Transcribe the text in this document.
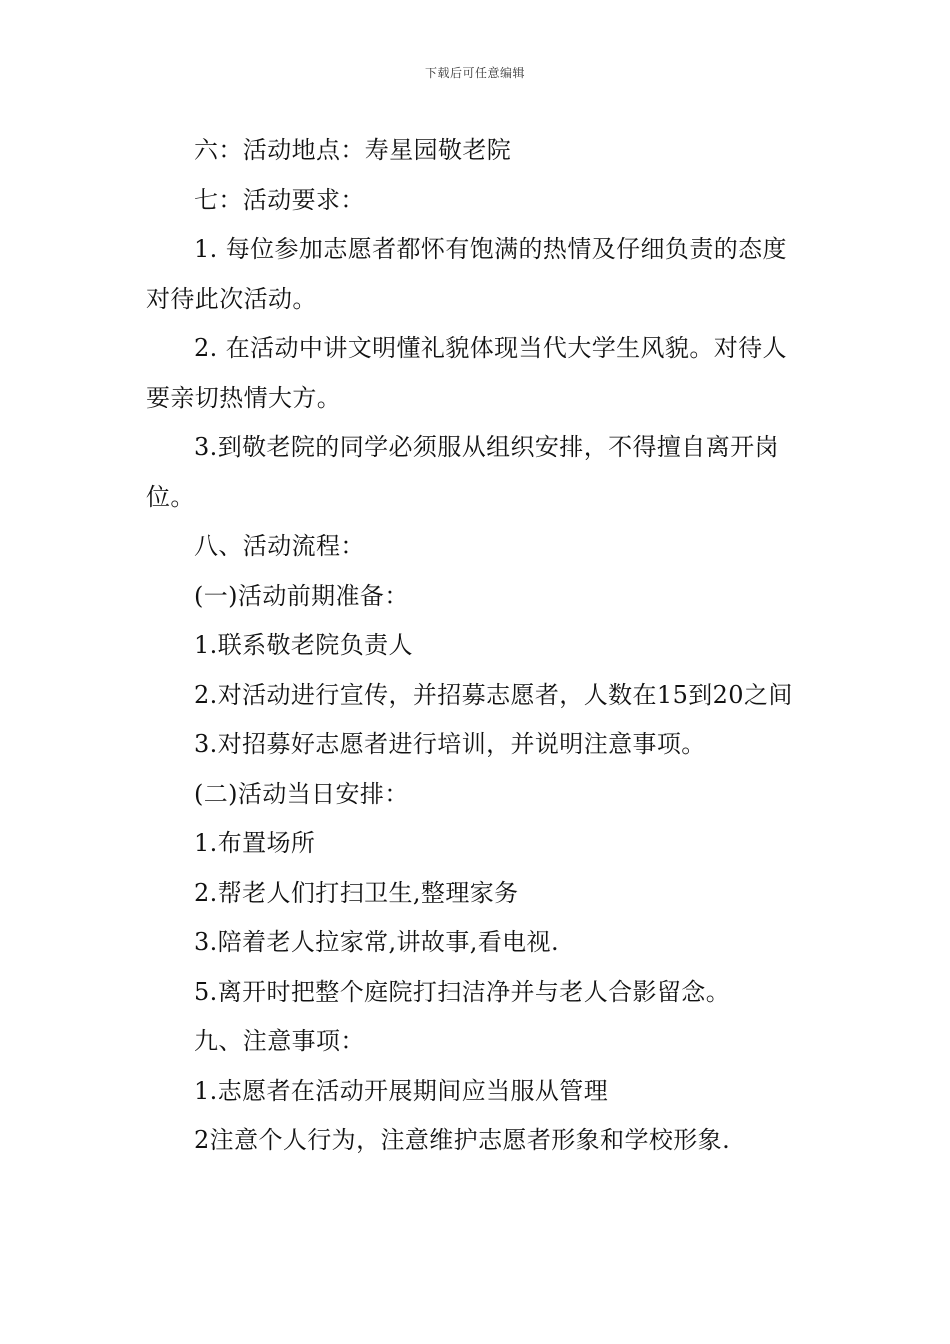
下载后可任意编辑

六：活动地点：寿星园敬老院

七：活动要求：

1. 每位参加志愿者都怀有饱满的热情及仔细负责的态度对待此次活动。

2. 在活动中讲文明懂礼貌体现当代大学生风貌。对待人要亲切热情大方。

3.到敬老院的同学必须服从组织安排，不得擅自离开岗位。

八、活动流程：

(一)活动前期准备：

1.联系敬老院负责人

2.对活动进行宣传，并招募志愿者，人数在15到20之间

3.对招募好志愿者进行培训，并说明注意事项。

(二)活动当日安排：

1.布置场所

2.帮老人们打扫卫生,整理家务

3.陪着老人拉家常,讲故事,看电视.

5.离开时把整个庭院打扫洁净并与老人合影留念。

九、注意事项：

1.志愿者在活动开展期间应当服从管理

2注意个人行为，注意维护志愿者形象和学校形象.
